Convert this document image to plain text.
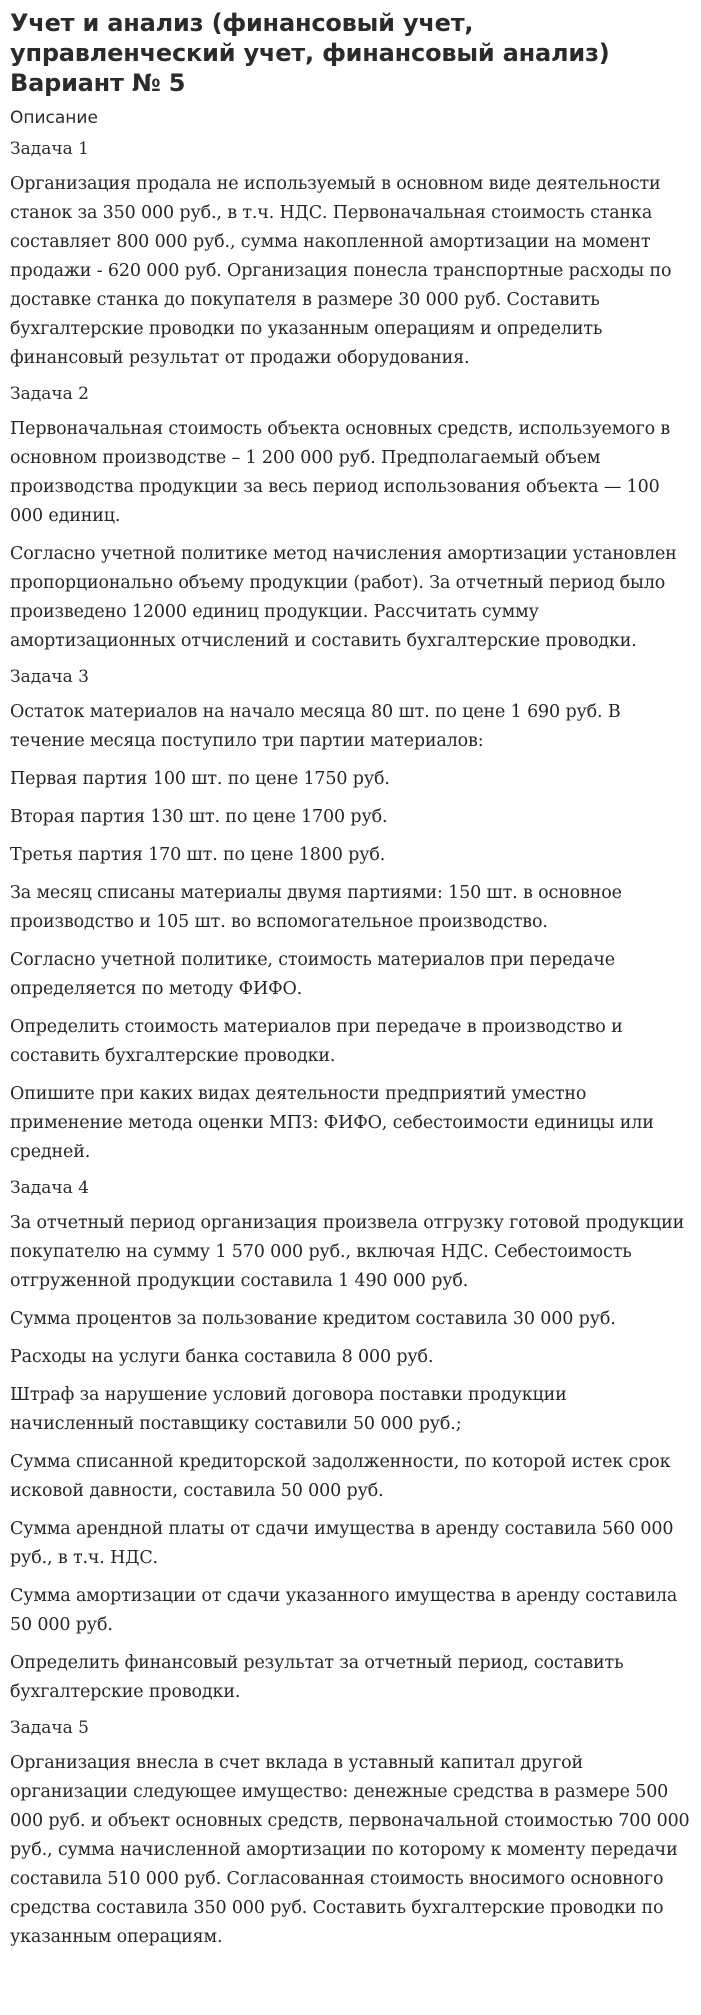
Учет и анализ (финансовый учет, управленческий учет, финансовый анализ) Вариант № 5
Описание
Задача 1

Организация продала не используемый в основном виде деятельности станок за 350 000 руб., в т.ч. НДС. Первоначальная стоимость станка составляет 800 000 руб., сумма накопленной амортизации на момент продажи - 620 000 руб. Организация понесла транспортные расходы по доставке станка до покупателя в размере 30 000 руб. Составить бухгалтерские проводки по указанным операциям и определить финансовый результат от продажи оборудования.

Задача 2

Первоначальная стоимость объекта основных средств, используемого в основном производстве – 1 200 000 руб. Предполагаемый объем производства продукции за весь период использования объекта — 100 000 единиц.

Согласно учетной политике метод начисления амортизации установлен пропорционально объему продукции (работ). За отчетный период было произведено 12000 единиц продукции. Рассчитать сумму амортизационных отчислений и составить бухгалтерские проводки.

Задача 3

Остаток материалов на начало месяца 80 шт. по цене 1 690 руб. В течение месяца поступило три партии материалов:

Первая партия 100 шт. по цене 1750 руб.

Вторая партия 130 шт. по цене 1700 руб.

Третья партия 170 шт. по цене 1800 руб.

За месяц списаны материалы двумя партиями: 150 шт. в основное производство и 105 шт. во вспомогательное производство.

Согласно учетной политике, стоимость материалов при передаче определяется по методу ФИФО.

Определить стоимость материалов при передаче в производство и составить бухгалтерские проводки.

Опишите при каких видах деятельности предприятий уместно применение метода оценки МПЗ: ФИФО, себестоимости единицы или средней.

Задача 4

За отчетный период организация произвела отгрузку готовой продукции покупателю на сумму 1 570 000 руб., включая НДС. Себестоимость отгруженной продукции составила 1 490 000 руб.

Сумма процентов за пользование кредитом составила 30 000 руб.

Расходы на услуги банка составила 8 000 руб.

Штраф за нарушение условий договора поставки продукции начисленный поставщику составили 50 000 руб.;

Сумма списанной кредиторской задолженности, по которой истек срок исковой давности, составила 50 000 руб.

Сумма арендной платы от сдачи имущества в аренду составила 560 000 руб., в т.ч. НДС.

Сумма амортизации от сдачи указанного имущества в аренду составила 50 000 руб.

Определить финансовый результат за отчетный период, составить бухгалтерские проводки.

Задача 5

Организация внесла в счет вклада в уставный капитал другой организации следующее имущество: денежные средства в размере 500 000 руб. и объект основных средств, первоначальной стоимостью 700 000 руб., сумма начисленной амортизации по которому к моменту передачи составила 510 000 руб. Согласованная стоимость вносимого основного средства составила 350 000 руб. Составить бухгалтерские проводки по указанным операциям.
